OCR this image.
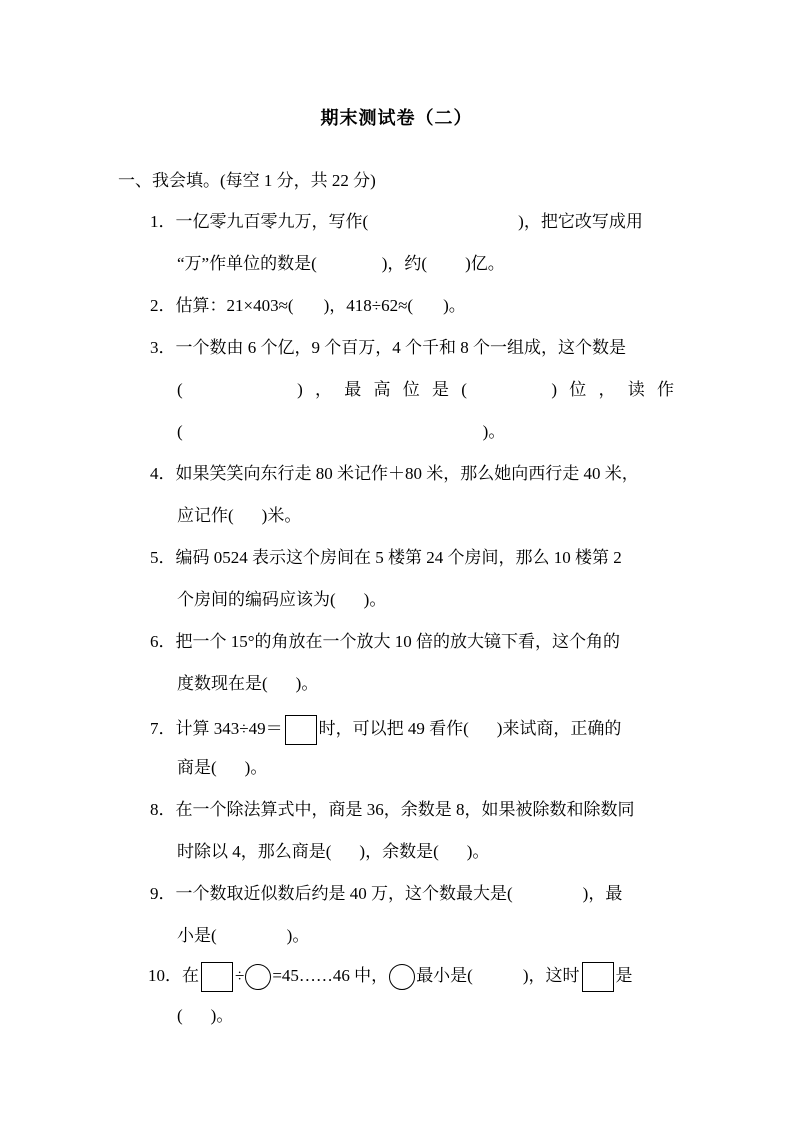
期末测试卷（二）
一、我会填。(每空 1 分，共 22 分)
1．一亿零九百零九万，写作(	)，把它改写成用
“万”作单位的数是(	)，约( )亿。
2．估算：21×403≈( )，418÷62≈( )。
3．一个数由 6 个亿，9 个百万，4 个千和 8 个一组成，这个数是
(	) ， 最 高 位 是 (	) 位 ， 读 作
(	)。
4．如果笑笑向东行走 80 米记作＋80 米，那么她向西行走 40 米，
应记作( )米。
5．编码 0524 表示这个房间在 5 楼第 24 个房间，那么 10 楼第 2
个房间的编码应该为( )。
6．把一个 15°的角放在一个放大 10 倍的放大镜下看，这个角的
度数现在是( )。
7．计算 343÷49＝ 时，可以把 49 看作( )来试商，正确的
商是( )。
8．在一个除法算式中，商是 36，余数是 8，如果被除数和除数同
时除以 4，那么商是( )，余数是( )。
9．一个数取近似数后约是 40 万，这个数最大是(	)，最
小是(	)。
10．在 ÷ =45……46 中， 最小是(	)，这时 是
( )。
